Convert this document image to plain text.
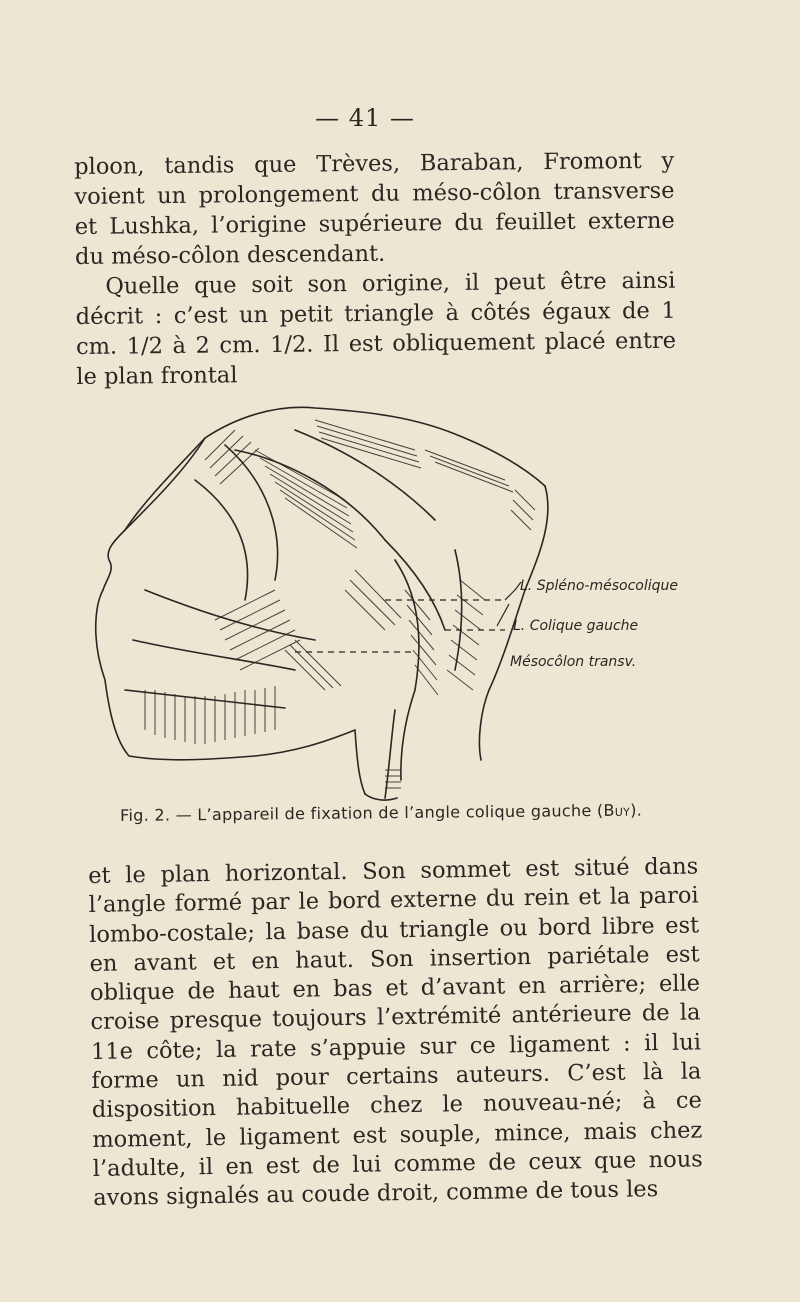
— 41 —

ploon, tandis que Trèves, Baraban, Fromont y voient un prolongement du méso-côlon transverse et Lushka, l’origine supérieure du feuillet externe du méso-côlon descendant.

Quelle que soit son origine, il peut être ainsi décrit : c’est un petit triangle à côtés égaux de 1 cm. 1/2 à 2 cm. 1/2. Il est obliquement placé entre le plan frontal

L. Spléno-mésocolique
L. Colique gauche
Mésocôlon transv.
Fig. 2. — L’appareil de fixation de l’angle colique gauche (Buy).

et le plan horizontal. Son sommet est situé dans l’angle formé par le bord externe du rein et la paroi lombo-costale; la base du triangle ou bord libre est en avant et en haut. Son insertion pariétale est oblique de haut en bas et d’avant en arrière; elle croise presque toujours l’extrémité antérieure de la 11e côte; la rate s’appuie sur ce ligament : il lui forme un nid pour certains auteurs. C’est là la disposition habituelle chez le nouveau-né; à ce moment, le ligament est souple, mince, mais chez l’adulte, il en est de lui comme de ceux que nous avons signalés au coude droit, comme de tous les
